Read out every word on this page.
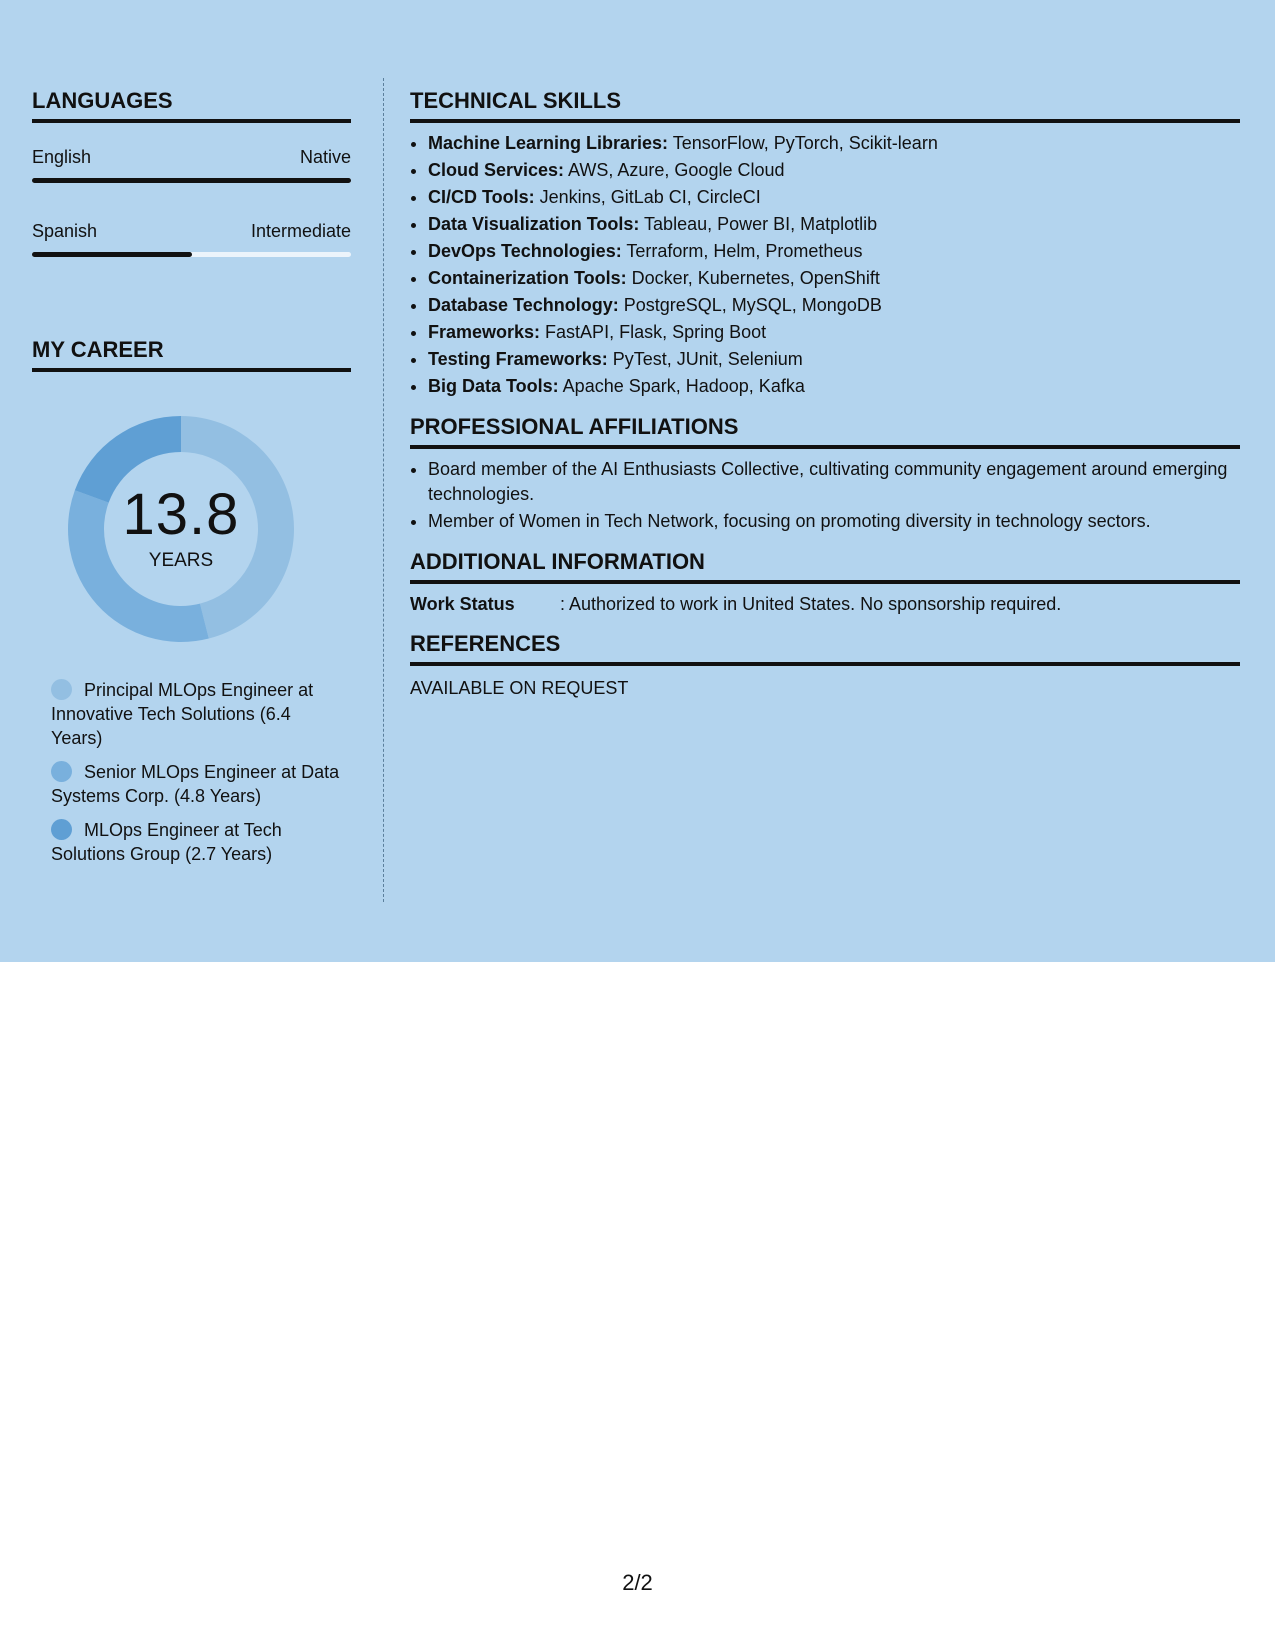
LANGUAGES
English	Native
Spanish	Intermediate
MY CAREER
13.8
YEARS
Principal MLOps Engineer at Innovative Tech Solutions (6.4 Years)
Senior MLOps Engineer at Data Systems Corp. (4.8 Years)
MLOps Engineer at Tech Solutions Group (2.7 Years)
TECHNICAL SKILLS
• Machine Learning Libraries: TensorFlow, PyTorch, Scikit-learn
• Cloud Services: AWS, Azure, Google Cloud
• CI/CD Tools: Jenkins, GitLab CI, CircleCI
• Data Visualization Tools: Tableau, Power BI, Matplotlib
• DevOps Technologies: Terraform, Helm, Prometheus
• Containerization Tools: Docker, Kubernetes, OpenShift
• Database Technology: PostgreSQL, MySQL, MongoDB
• Frameworks: FastAPI, Flask, Spring Boot
• Testing Frameworks: PyTest, JUnit, Selenium
• Big Data Tools: Apache Spark, Hadoop, Kafka
PROFESSIONAL AFFILIATIONS
• Board member of the AI Enthusiasts Collective, cultivating community engagement around emerging technologies.
• Member of Women in Tech Network, focusing on promoting diversity in technology sectors.
ADDITIONAL INFORMATION
Work Status	: Authorized to work in United States. No sponsorship required.
REFERENCES
AVAILABLE ON REQUEST
2/2
